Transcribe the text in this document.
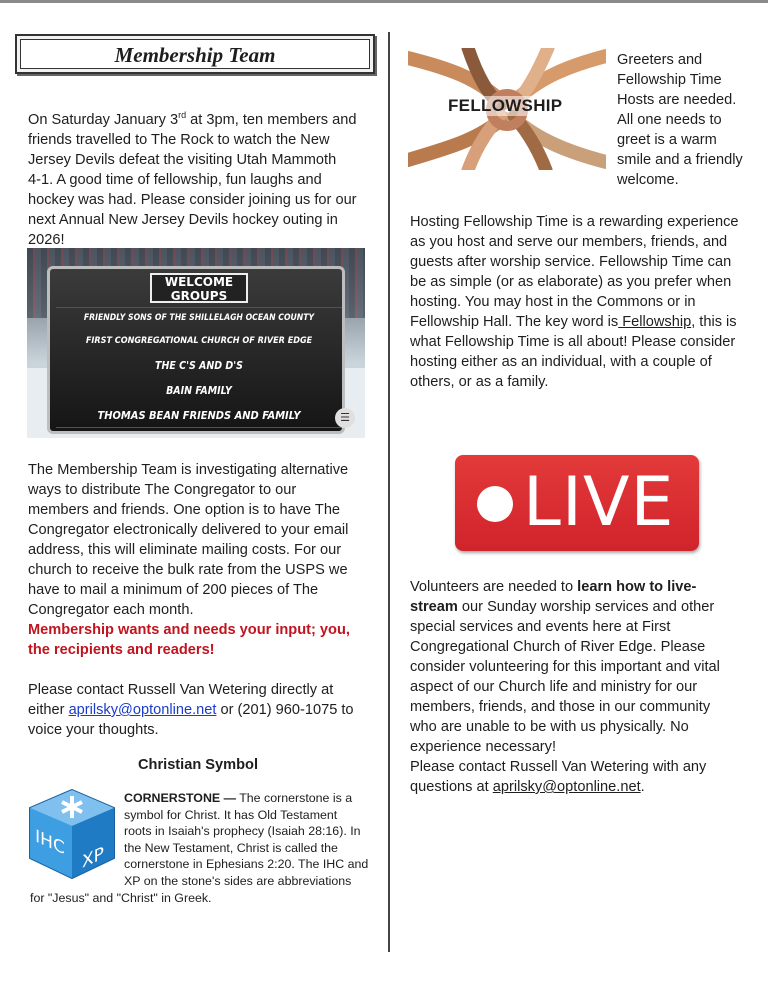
Membership Team
On Saturday January 3rd at 3pm, ten members and
friends travelled to The Rock to watch the New
Jersey Devils defeat the visiting Utah Mammoth
4-1. A good time of fellowship, fun laughs and
hockey was had. Please consider joining us for our
next Annual New Jersey Devils hockey outing in
2026!
WELCOME
GROUPS
FRIENDLY SONS OF THE SHILLELAGH OCEAN COUNTY
FIRST CONGREGATIONAL CHURCH OF RIVER EDGE
THE C'S AND D'S
BAIN FAMILY
THOMAS BEAN FRIENDS AND FAMILY	☰
The Membership Team is investigating alternative
ways to distribute The Congregator to our
members and friends. One option is to have The
Congregator electronically delivered to your email
address, this will eliminate mailing costs. For our
church to receive the bulk rate from the USPS we
have to mail a minimum of 200 pieces of The
Congregator each month.
Membership wants and needs your input; you,
the recipients and readers!
Please contact Russell Van Wetering directly at
either aprilsky@optonline.net or (201) 960-1075 to
voice your thoughts.
Christian Symbol
IHC XP
CORNERSTONE — The cornerstone is a
symbol for Christ. It has Old Testament
roots in Isaiah's prophecy (Isaiah 28:16). In
the New Testament, Christ is called the
cornerstone in Ephesians 2:20. The IHC and
XP on the stone's sides are abbreviations
for "Jesus" and "Christ" in Greek.
FELLOWSHIP
Greeters and
Fellowship Time
Hosts are needed.
All one needs to
greet is a warm
smile and a friendly
welcome.
Hosting Fellowship Time is a rewarding experience
as you host and serve our members, friends, and
guests after worship service. Fellowship Time can
be as simple (or as elaborate) as you prefer when
hosting. You may host in the Commons or in
Fellowship Hall. The key word is Fellowship, this is
what Fellowship Time is all about! Please consider
hosting either as an individual, with a couple of
others, or as a family.
LIVE
Volunteers are needed to learn how to live-
stream our Sunday worship services and other
special services and events here at First
Congregational Church of River Edge. Please
consider volunteering for this important and vital
aspect of our Church life and ministry for our
members, friends, and those in our community
who are unable to be with us physically. No
experience necessary!
Please contact Russell Van Wetering with any
questions at aprilsky@optonline.net.
